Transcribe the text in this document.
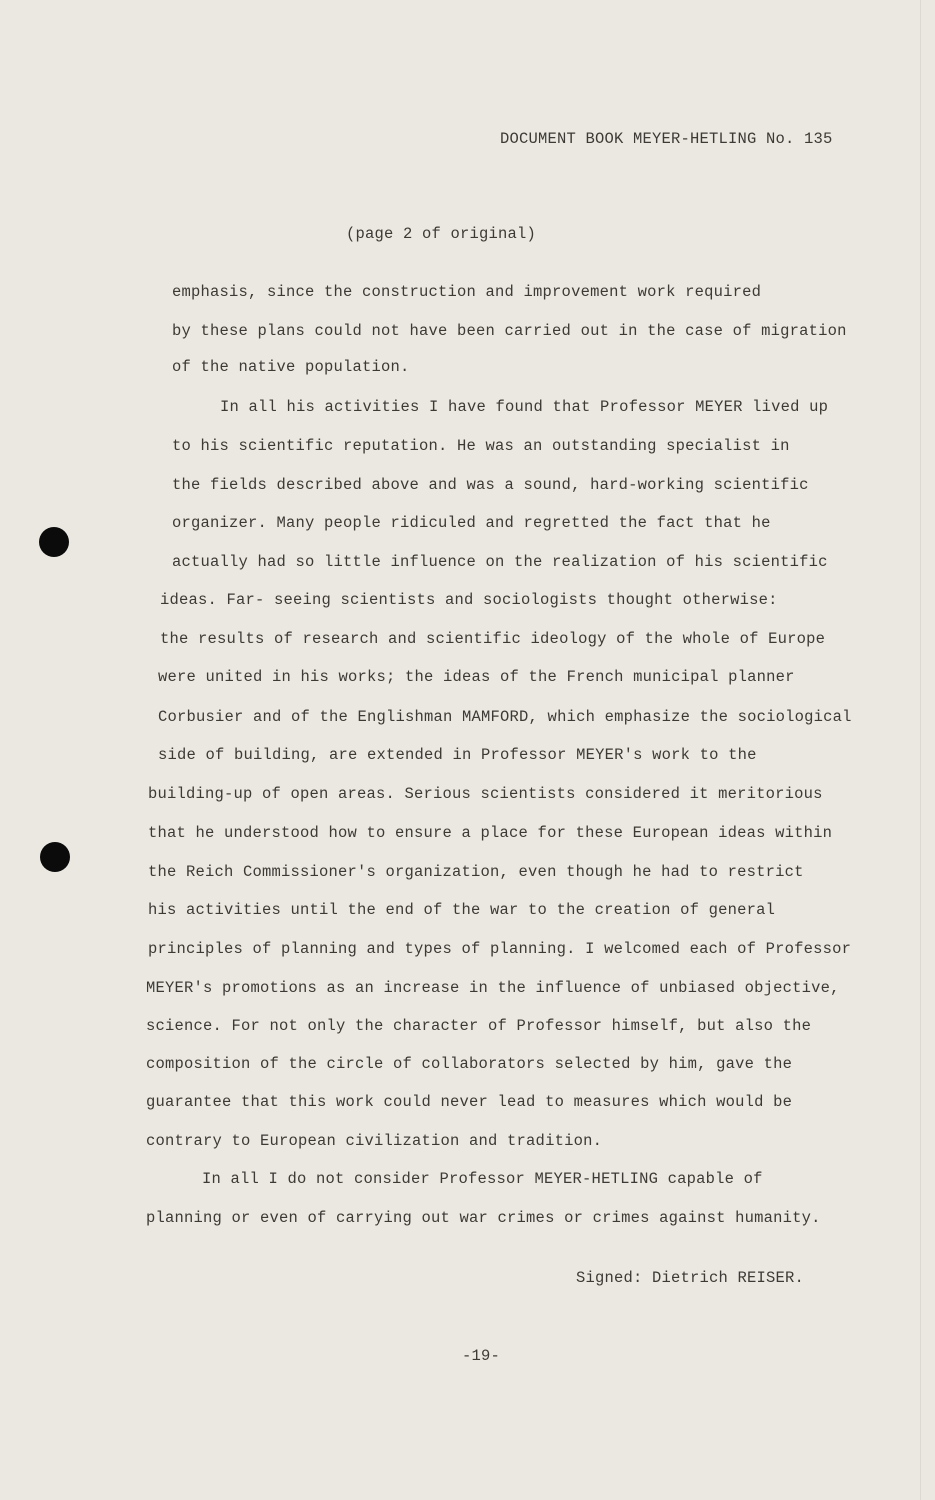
DOCUMENT BOOK MEYER-HETLING No. 135
(page 2 of original)
emphasis, since the construction and improvement work required
by these plans could not have been carried out in the case of migration
of the native population.
In all his activities I have found that Professor MEYER lived up
to his scientific reputation. He was an outstanding specialist in
the fields described above and was a sound, hard-working scientific
organizer. Many people ridiculed and regretted the fact that he
actually had so little influence on the realization of his scientific
ideas. Far- seeing scientists and sociologists thought otherwise:
the results of research and scientific ideology of the whole of Europe
were united in his works; the ideas of the French municipal planner
Corbusier and of the Englishman MAMFORD, which emphasize the sociological
side of building, are extended in Professor MEYER's work to the
building-up of open areas. Serious scientists considered it meritorious
that he understood how to ensure a place for these European ideas within
the Reich Commissioner's organization, even though he had to restrict
his activities until the end of the war to the creation of general
principles of planning and types of planning. I welcomed each of Professor
MEYER's promotions as an increase in the influence of unbiased objective,
science. For not only the character of Professor himself, but also the
composition of the circle of collaborators selected by him, gave the
guarantee that this work could never lead to measures which would be
contrary to European civilization and tradition.
In all I do not consider Professor MEYER-HETLING capable of
planning or even of carrying out war crimes or crimes against humanity.
Signed: Dietrich REISER.
-19-
